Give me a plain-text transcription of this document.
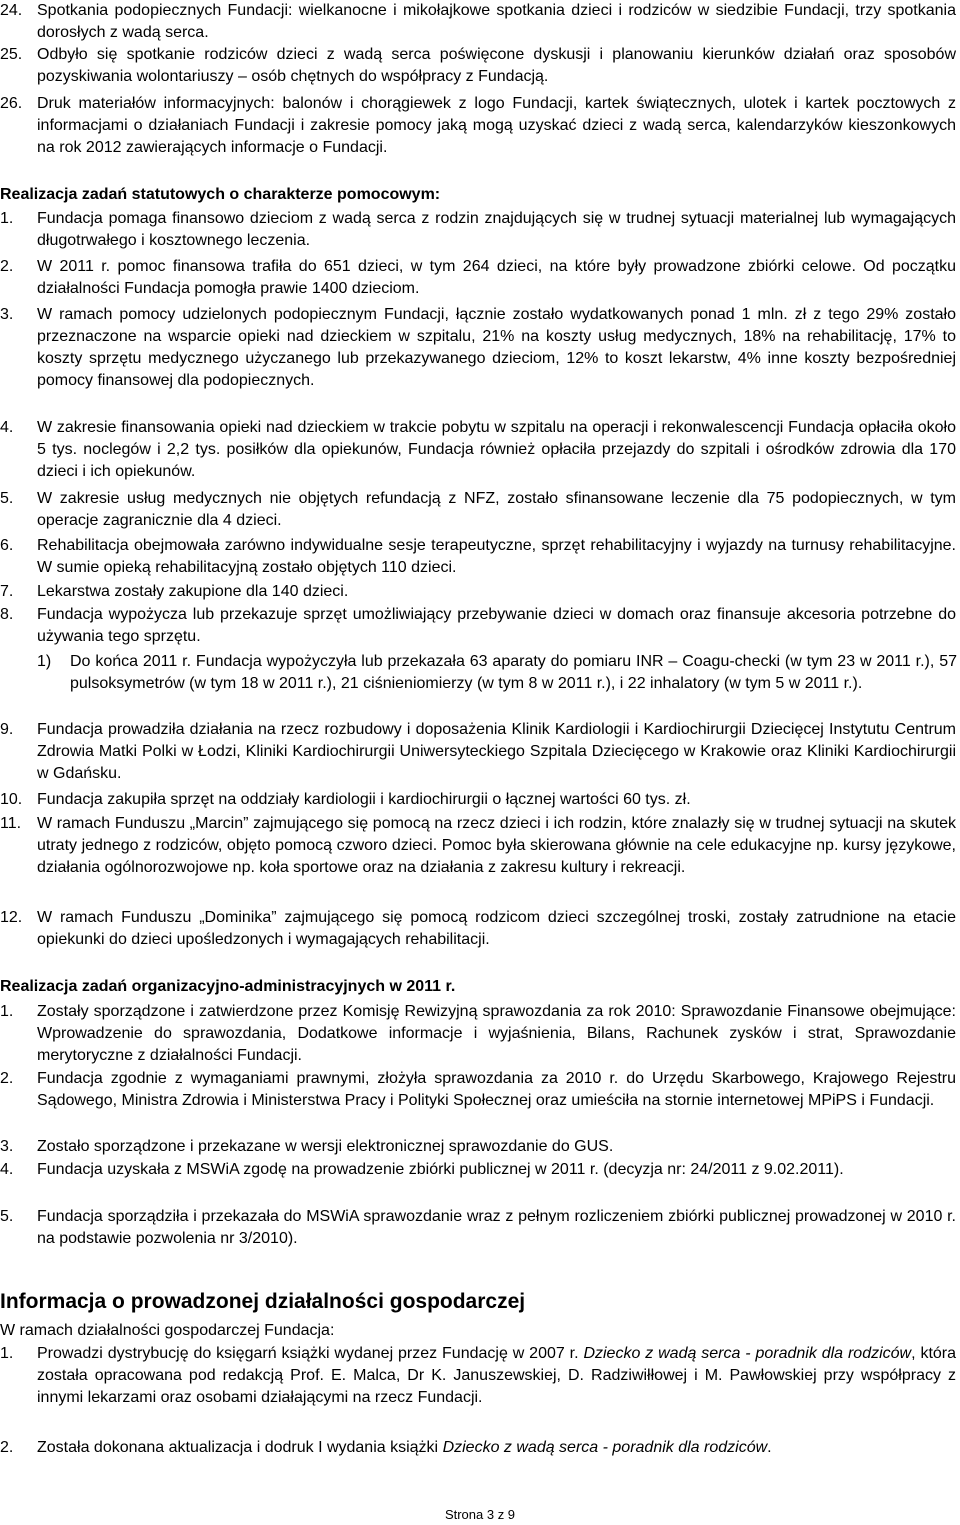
24. Spotkania podopiecznych Fundacji: wielkanocne i mikołajkowe spotkania dzieci i rodziców w siedzibie Fundacji, trzy spotkania dorosłych z wadą serca.
25. Odbyło się spotkanie rodziców dzieci z wadą serca poświęcone dyskusji i planowaniu kierunków działań oraz sposobów pozyskiwania wolontariuszy – osób chętnych do współpracy z Fundacją.
26. Druk materiałów informacyjnych: balonów i chorągiewek z logo Fundacji, kartek świątecznych, ulotek i kartek pocztowych z informacjami o działaniach Fundacji i zakresie pomocy jaką mogą uzyskać dzieci z wadą serca, kalendarzyków kieszonkowych na rok 2012 zawierających informacje o Fundacji.
Realizacja zadań statutowych o charakterze pomocowym:
1. Fundacja pomaga finansowo dzieciom z wadą serca z rodzin znajdujących się w trudnej sytuacji materialnej lub wymagających długotrwałego i kosztownego leczenia.
2. W 2011 r. pomoc finansowa trafiła do 651 dzieci, w tym 264 dzieci, na które były prowadzone zbiórki celowe. Od początku działalności Fundacja pomogła prawie 1400 dzieciom.
3. W ramach pomocy udzielonych podopiecznym Fundacji, łącznie zostało wydatkowanych ponad 1 mln. zł z tego 29% zostało przeznaczone na wsparcie opieki nad dzieckiem w szpitalu, 21% na koszty usług medycznych, 18% na rehabilitację, 17% to koszty sprzętu medycznego użyczanego lub przekazywanego dzieciom, 12% to koszt lekarstw, 4% inne koszty bezpośredniej pomocy finansowej dla podopiecznych.
4. W zakresie finansowania opieki nad dzieckiem w trakcie pobytu w szpitalu na operacji i rekonwalescencji Fundacja opłaciła około 5 tys. noclegów i 2,2 tys. posiłków dla opiekunów, Fundacja również opłaciła przejazdy do szpitali i ośrodków zdrowia dla 170 dzieci i ich opiekunów.
5. W zakresie usług medycznych nie objętych refundacją z NFZ, zostało sfinansowane leczenie dla 75 podopiecznych, w tym operacje zagranicznie dla 4 dzieci.
6. Rehabilitacja obejmowała zarówno indywidualne sesje terapeutyczne, sprzęt rehabilitacyjny i wyjazdy na turnusy rehabilitacyjne. W sumie opieką rehabilitacyjną zostało objętych 110 dzieci.
7. Lekarstwa zostały zakupione dla 140 dzieci.
8. Fundacja wypożycza lub przekazuje sprzęt umożliwiający przebywanie dzieci w domach oraz finansuje akcesoria potrzebne do używania tego sprzętu.
1) Do końca 2011 r. Fundacja wypożyczyła lub przekazała 63 aparaty do pomiaru INR – Coagu-checki (w tym 23 w 2011 r.), 57 pulsoksymetrów (w tym 18 w 2011 r.), 21 ciśnieniomierzy (w tym 8 w 2011 r.), i 22 inhalatory (w tym 5 w 2011 r.).
9. Fundacja prowadziła działania na rzecz rozbudowy i doposażenia Klinik Kardiologii i Kardiochirurgii Dziecięcej Instytutu Centrum Zdrowia Matki Polki w Łodzi, Kliniki Kardiochirurgii Uniwersyteckiego Szpitala Dziecięcego w Krakowie oraz Kliniki Kardiochirurgii w Gdańsku.
10. Fundacja zakupiła sprzęt na oddziały kardiologii i kardiochirurgii o łącznej wartości 60 tys. zł.
11. W ramach Funduszu „Marcin” zajmującego się pomocą na rzecz dzieci i ich rodzin, które znalazły się w trudnej sytuacji na skutek utraty jednego z rodziców, objęto pomocą czworo dzieci. Pomoc była skierowana głównie na cele edukacyjne np. kursy językowe, działania ogólnorozwojowe np. koła sportowe oraz na działania z zakresu kultury i rekreacji.
12. W ramach Funduszu „Dominika” zajmującego się pomocą rodzicom dzieci szczególnej troski, zostały zatrudnione na etacie opiekunki do dzieci upośledzonych i wymagających rehabilitacji.
Realizacja zadań organizacyjno-administracyjnych w 2011 r.
1. Zostały sporządzone i zatwierdzone przez Komisję Rewizyjną sprawozdania za rok 2010: Sprawozdanie Finansowe obejmujące: Wprowadzenie do sprawozdania, Dodatkowe informacje i wyjaśnienia, Bilans, Rachunek zysków i strat, Sprawozdanie merytoryczne z działalności Fundacji.
2. Fundacja zgodnie z wymaganiami prawnymi, złożyła sprawozdania za 2010 r. do Urzędu Skarbowego, Krajowego Rejestru Sądowego, Ministra Zdrowia i Ministerstwa Pracy i Polityki Społecznej oraz umieściła na stornie internetowej MPiPS i Fundacji.
3. Zostało sporządzone i przekazane w wersji elektronicznej sprawozdanie do GUS.
4. Fundacja uzyskała z MSWiA zgodę na prowadzenie zbiórki publicznej w 2011 r. (decyzja nr: 24/2011 z 9.02.2011).
5. Fundacja sporządziła i przekazała do MSWiA sprawozdanie wraz z pełnym rozliczeniem zbiórki publicznej prowadzonej w 2010 r. na podstawie pozwolenia nr 3/2010).
Informacja o prowadzonej działalności gospodarczej
W ramach działalności gospodarczej Fundacja:
1. Prowadzi dystrybucję do księgarń książki wydanej przez Fundację w 2007 r. Dziecko z wadą serca - poradnik dla rodziców, która została opracowana pod redakcją Prof. E. Malca, Dr K. Januszewskiej, D. Radziwiłłowej i M. Pawłowskiej przy współpracy z innymi lekarzami oraz osobami działającymi na rzecz Fundacji.
2. Została dokonana aktualizacja i dodruk I wydania książki Dziecko z wadą serca - poradnik dla rodziców.
Strona 3 z 9
